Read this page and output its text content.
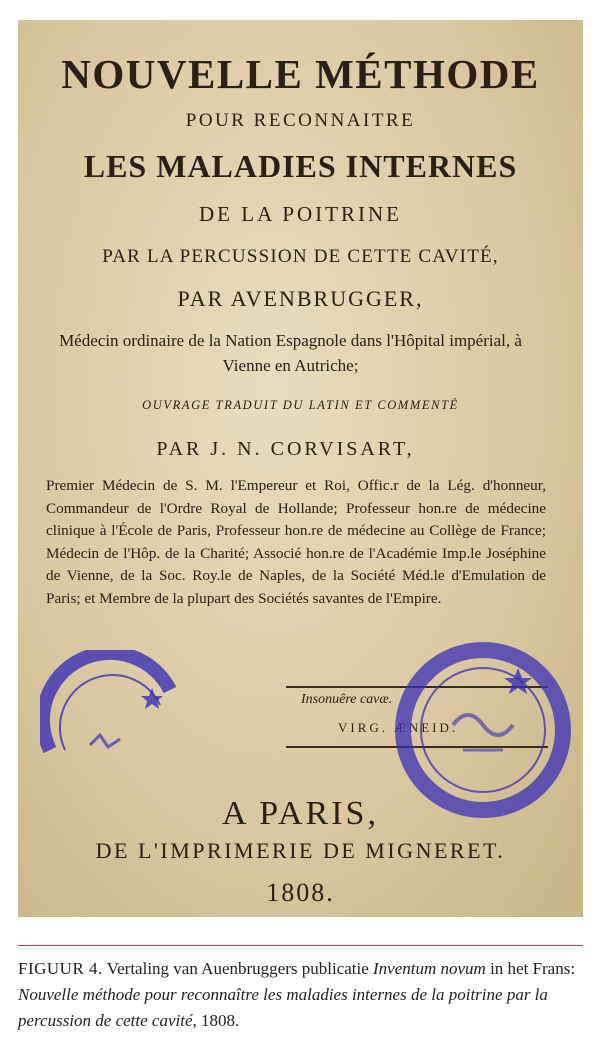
NOUVELLE MÉTHODE
POUR RECONNAITRE
LES MALADIES INTERNES
DE LA POITRINE
PAR LA PERCUSSION DE CETTE CAVITÉ,
PAR AVENBRUGGER,
Médecin ordinaire de la Nation Espagnole dans l'Hôpital impérial, à Vienne en Autriche;
OUVRAGE TRADUIT DU LATIN ET COMMENTÉ
PAR J. N. CORVISART,
Premier Médecin de S. M. l'Empereur et Roi, Offic.r de la Lég. d'honneur, Commandeur de l'Ordre Royal de Hollande; Professeur hon.re de médecine clinique à l'École de Paris, Professeur hon.re de médecine au Collège de France; Médecin de l'Hôp. de la Charité; Associé hon.re de l'Académie Imp.le Joséphine de Vienne, de la Soc. Roy.le de Naples, de la Société Méd.le d'Emulation de Paris; et Membre de la plupart des Sociétés savantes de l'Empire.
Insonuêre cavæ.
VIRG. ÆNEID.
A PARIS,
DE L'IMPRIMERIE DE MIGNERET.
1808.
FIGUUR 4. Vertaling van Auenbruggers publicatie Inventum novum in het Frans: Nouvelle méthode pour reconnaître les maladies internes de la poitrine par la percussion de cette cavité, 1808.
